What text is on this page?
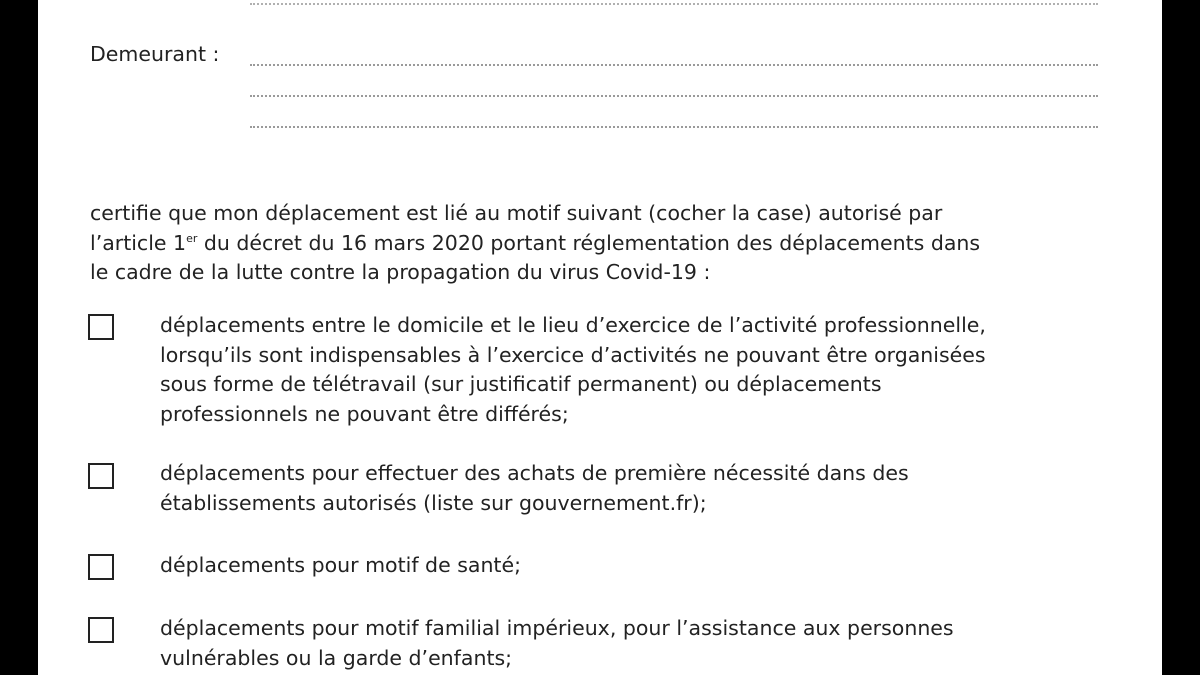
Demeurant :

certifie que mon déplacement est lié au motif suivant (cocher la case) autorisé par
l’article 1er du décret du 16 mars 2020 portant réglementation des déplacements dans
le cadre de la lutte contre la propagation du virus Covid-19 :
déplacements entre le domicile et le lieu d’exercice de l’activité professionnelle,
lorsqu’ils sont indispensables à l’exercice d’activités ne pouvant être organisées
sous forme de télétravail (sur justificatif permanent) ou déplacements
professionnels ne pouvant être différés;
déplacements pour effectuer des achats de première nécessité dans des
établissements autorisés (liste sur gouvernement.fr);
déplacements pour motif de santé;
déplacements pour motif familial impérieux, pour l’assistance aux personnes
vulnérables ou la garde d’enfants;
